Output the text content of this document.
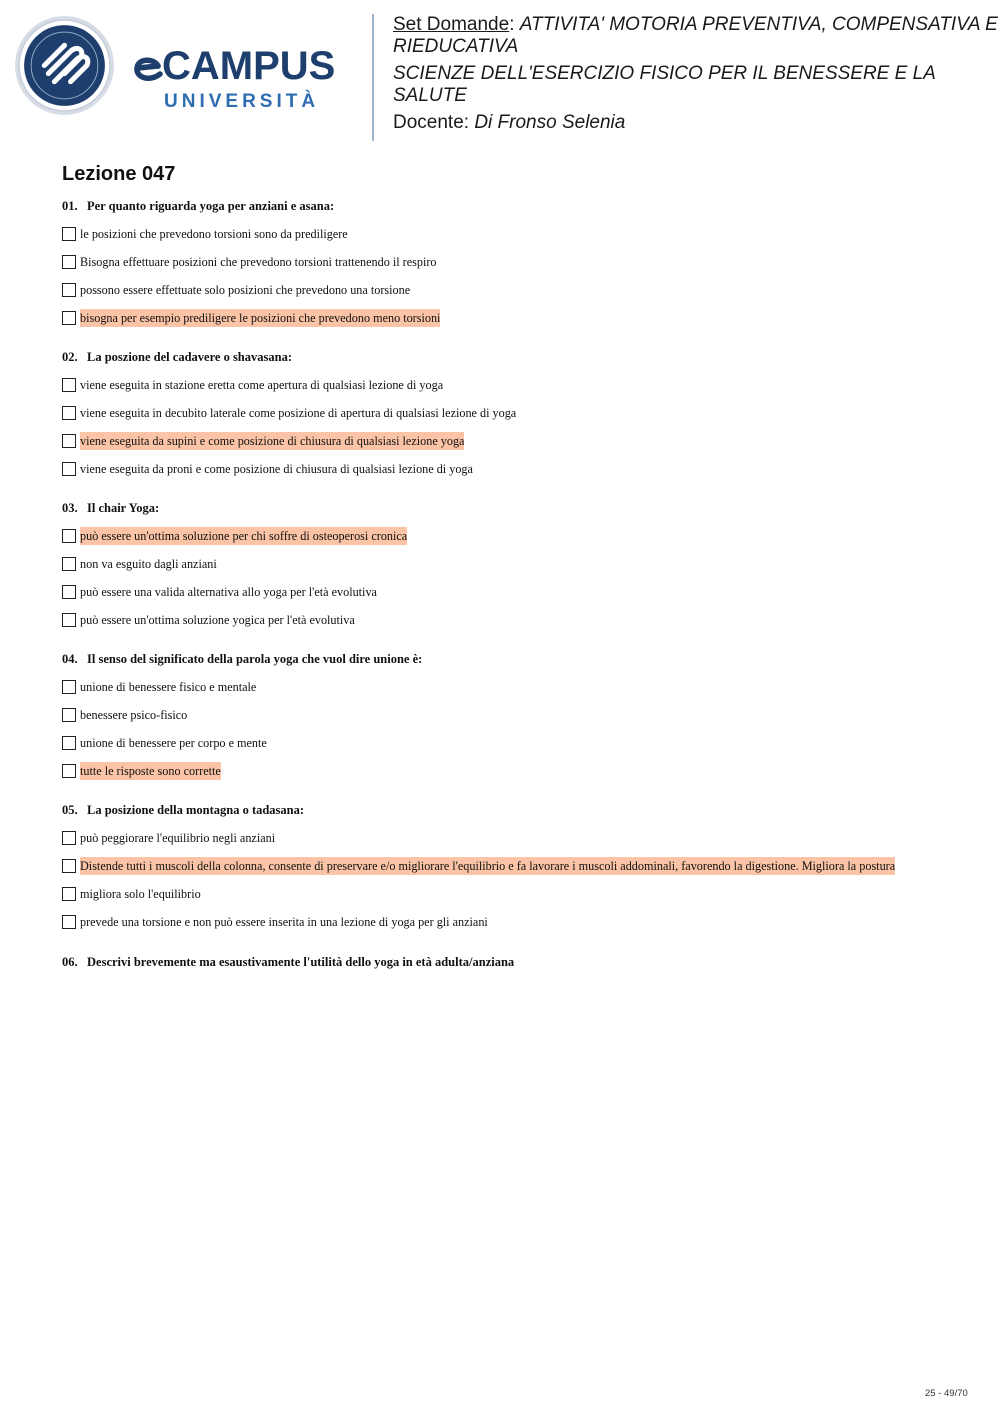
CAMPUS
UNIVERSITÀ
Set Domande: ATTIVITA' MOTORIA PREVENTIVA, COMPENSATIVA E
RIEDUCATIVA
SCIENZE DELL'ESERCIZIO FISICO PER IL BENESSERE E LA
SALUTE
Docente: Di Fronso Selenia
Lezione 047
01. Per quanto riguarda yoga per anziani e asana:
le posizioni che prevedono torsioni sono da prediligere
Bisogna effettuare posizioni che prevedono torsioni trattenendo il respiro
possono essere effettuate solo posizioni che prevedono una torsione
bisogna per esempio prediligere le posizioni che prevedono meno torsioni
02. La poszione del cadavere o shavasana:
viene eseguita in stazione eretta come apertura di qualsiasi lezione di yoga
viene eseguita in decubito laterale come posizione di apertura di qualsiasi lezione di yoga
viene eseguita da supini e come posizione di chiusura di qualsiasi lezione yoga
viene eseguita da proni e come posizione di chiusura di qualsiasi lezione di yoga
03. Il chair Yoga:
può essere un'ottima soluzione per chi soffre di osteoperosi cronica
non va esguito dagli anziani
può essere una valida alternativa allo yoga per l'età evolutiva
può essere un'ottima soluzione yogica per l'età evolutiva
04. Il senso del significato della parola yoga che vuol dire unione è:
unione di benessere fisico e mentale
benessere psico-fisico
unione di benessere per corpo e mente
tutte le risposte sono corrette
05. La posizione della montagna o tadasana:
può peggiorare l'equilibrio negli anziani
Distende tutti i muscoli della colonna, consente di preservare e/o migliorare l'equilibrio e fa lavorare i muscoli addominali, favorendo la digestione. Migliora la postura
migliora solo l'equilibrio
prevede una torsione e non può essere inserita in una lezione di yoga per gli anziani
06. Descrivi brevemente ma esaustivamente l'utilità dello yoga in età adulta/anziana
25 - 49/70
